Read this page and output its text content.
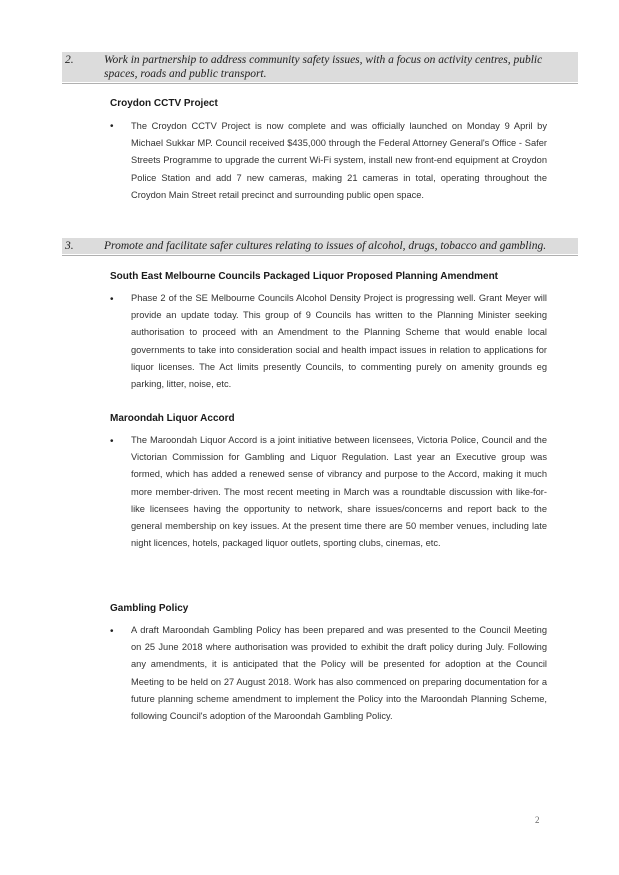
2.	Work in partnership to address community safety issues, with a focus on activity centres, public spaces, roads and public transport.
Croydon CCTV Project
• The Croydon CCTV Project is now complete and was officially launched on Monday 9 April by Michael Sukkar MP. Council received $435,000 through the Federal Attorney General's Office - Safer Streets Programme to upgrade the current Wi-Fi system, install new front-end equipment at Croydon Police Station and add 7 new cameras, making 21 cameras in total, operating throughout the Croydon Main Street retail precinct and surrounding public open space.
3.	Promote and facilitate safer cultures relating to issues of alcohol, drugs, tobacco and gambling.
South East Melbourne Councils Packaged Liquor Proposed Planning Amendment
• Phase 2 of the SE Melbourne Councils Alcohol Density Project is progressing well. Grant Meyer will provide an update today. This group of 9 Councils has written to the Planning Minister seeking authorisation to proceed with an Amendment to the Planning Scheme that would enable local governments to take into consideration social and health impact issues in relation to applications for liquor licenses. The Act limits presently Councils, to commenting purely on amenity grounds eg parking, litter, noise, etc.
Maroondah Liquor Accord
• The Maroondah Liquor Accord is a joint initiative between licensees, Victoria Police, Council and the Victorian Commission for Gambling and Liquor Regulation. Last year an Executive group was formed, which has added a renewed sense of vibrancy and purpose to the Accord, making it much more member-driven. The most recent meeting in March was a roundtable discussion with like-for-like licensees having the opportunity to network, share issues/concerns and report back to the general membership on key issues. At the present time there are 50 member venues, including late night licences, hotels, packaged liquor outlets, sporting clubs, cinemas, etc.
Gambling Policy
• A draft Maroondah Gambling Policy has been prepared and was presented to the Council Meeting on 25 June 2018 where authorisation was provided to exhibit the draft policy during July. Following any amendments, it is anticipated that the Policy will be presented for adoption at the Council Meeting to be held on 27 August 2018. Work has also commenced on preparing documentation for a future planning scheme amendment to implement the Policy into the Maroondah Planning Scheme, following Council's adoption of the Maroondah Gambling Policy.
2
